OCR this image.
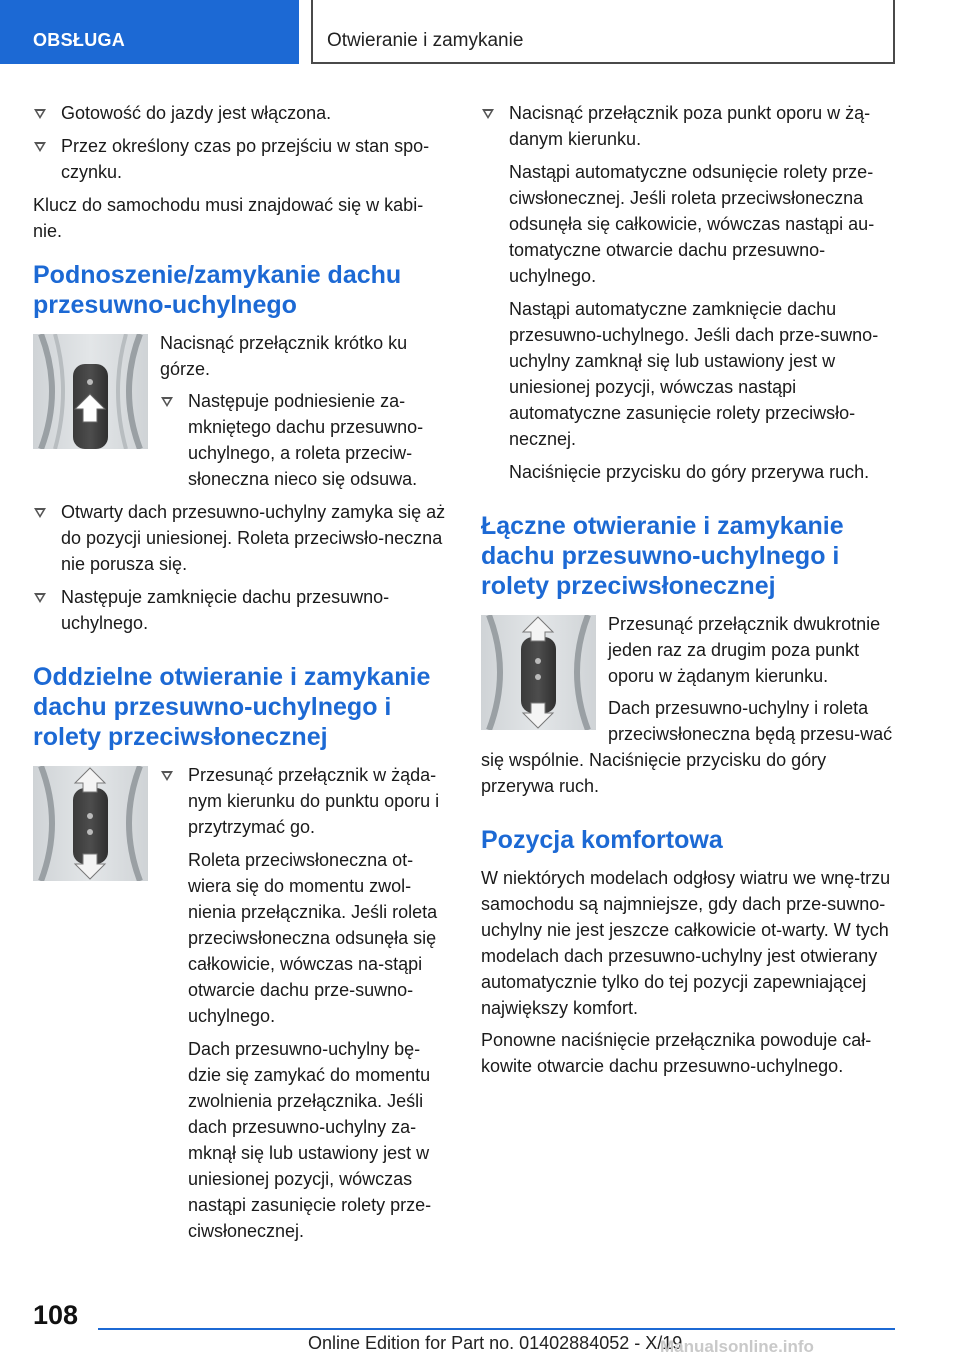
OBSŁUGA	Otwieranie i zamykanie
Gotowość do jazdy jest włączona.
Przez określony czas po przejściu w stan spo‐czynku.

Klucz do samochodu musi znajdować się w kabi‐nie.

Podnoszenie/zamykanie dachu przesuwno-uchylnego

Nacisnąć przełącznik krótko ku górze.

Następuje podniesienie za‐mkniętego dachu przesuwno-uchylnego, a roleta przeciw‐słoneczna nieco się odsuwa.
Otwarty dach przesuwno-uchylny zamyka się aż do pozycji uniesionej. Roleta przeciwsło‐neczna nie porusza się.
Następuje zamknięcie dachu przesuwno-uchylnego.
Oddzielne otwieranie i zamykanie dachu przesuwno-uchylnego i rolety przeciwsłonecznej
Przesunąć przełącznik w żąda‐nym kierunku do punktu oporu i przytrzymać go.

Roleta przeciwsłoneczna ot‐wiera się do momentu zwol‐nienia przełącznika. Jeśli roleta przeciwsłoneczna odsunęła się całkowicie, wówczas na‐stąpi otwarcie dachu prze‐suwno-uchylnego.

Dach przesuwno-uchylny bę‐dzie się zamykać do momentu zwolnienia przełącznika. Jeśli dach przesuwno-uchylny za‐mknął się lub ustawiony jest w uniesionej pozycji, wówczas nastąpi zasunięcie rolety prze‐ciwsłonecznej.

Nacisnąć przełącznik poza punkt oporu w żą‐danym kierunku.

Nastąpi automatyczne odsunięcie rolety prze‐ciwsłonecznej. Jeśli roleta przeciwsłoneczna odsunęła się całkowicie, wówczas nastąpi au‐tomatyczne otwarcie dachu przesuwno-uchylnego.

Nastąpi automatyczne zamknięcie dachu przesuwno-uchylnego. Jeśli dach prze‐suwno-uchylny zamknął się lub ustawiony jest w uniesionej pozycji, wówczas nastąpi automatyczne zasunięcie rolety przeciwsło‐necznej.

Naciśnięcie przycisku do góry przerywa ruch.

Łączne otwieranie i zamykanie dachu przesuwno-uchylnego i rolety przeciwsłonecznej

Przesunąć przełącznik dwukrotnie jeden raz za drugim poza punkt oporu w żądanym kierunku.

Dach przesuwno-uchylny i roleta przeciwsłoneczna będą przesu‐wać się wspólnie. Naciśnięcie przycisku do góry przerywa ruch.

Pozycja komfortowa

W niektórych modelach odgłosy wiatru we wnę‐trzu samochodu są najmniejsze, gdy dach prze‐suwno-uchylny nie jest jeszcze całkowicie ot‐warty. W tych modelach dach przesuwno-uchylny jest otwierany automatycznie tylko do tej pozycji zapewniającej największy komfort.

Ponowne naciśnięcie przełącznika powoduje cał‐kowite otwarcie dachu przesuwno-uchylnego.

108
Online Edition for Part no. 01402884052 - X/19
Manualsonline.info
